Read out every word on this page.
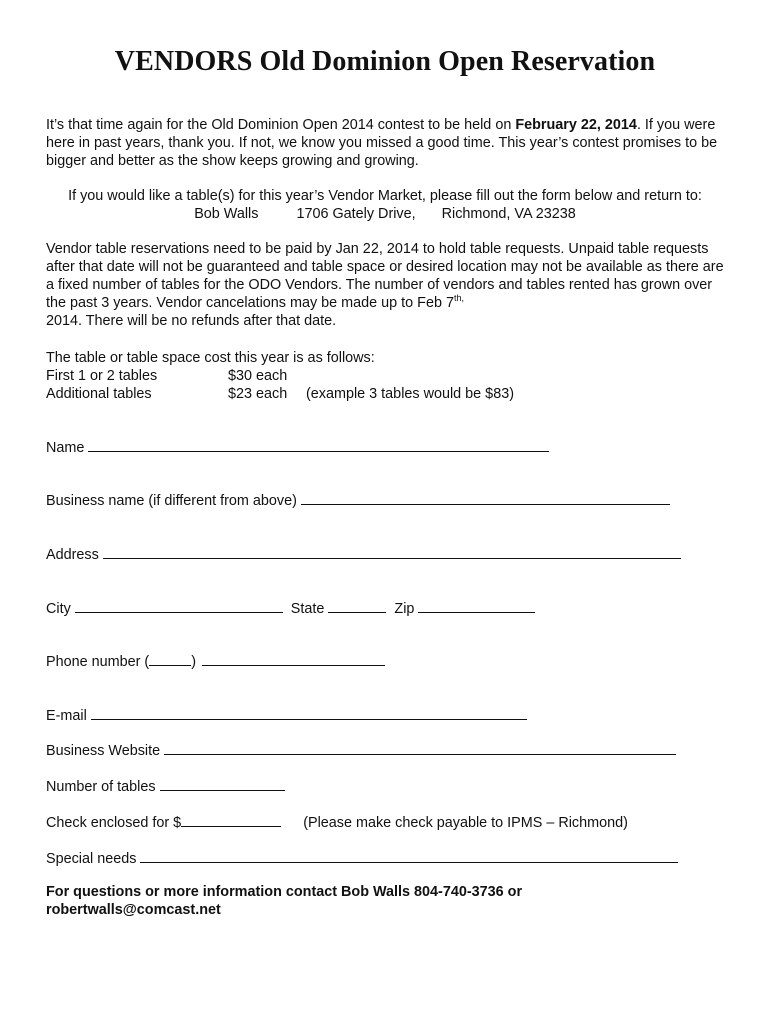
VENDORS Old Dominion Open Reservation
It’s that time again for the Old Dominion Open 2014 contest to be held on February 22, 2014. If you were here in past years, thank you. If not, we know you missed a good time. This year’s contest promises to be bigger and better as the show keeps growing and growing.
If you would like a table(s) for this year’s Vendor Market, please fill out the form below and return to:
Bob Walls	1706 Gately Drive, Richmond, VA 23238
Vendor table reservations need to be paid by Jan 22, 2014 to hold table requests. Unpaid table requests after that date will not be guaranteed and table space or desired location may not be available as there are a fixed number of tables for the ODO Vendors. The number of vendors and tables rented has grown over the past 3 years. Vendor cancelations may be made up to Feb $7^{th,}$
2014. There will be no refunds after that date.
The table or table space cost this year is as follows:
First 1 or 2 tables	$30 each
Additional tables	$23 each	(example 3 tables would be $83)
Name
Business name (if different from above)
Address
City	State	Zip
Phone number (	)
E-mail
Business Website
Number of tables
Check enclosed for $	(Please make check payable to IPMS – Richmond)
Special needs
For questions or more information contact Bob Walls 804-740-3736 or
robertwalls@comcast.net
